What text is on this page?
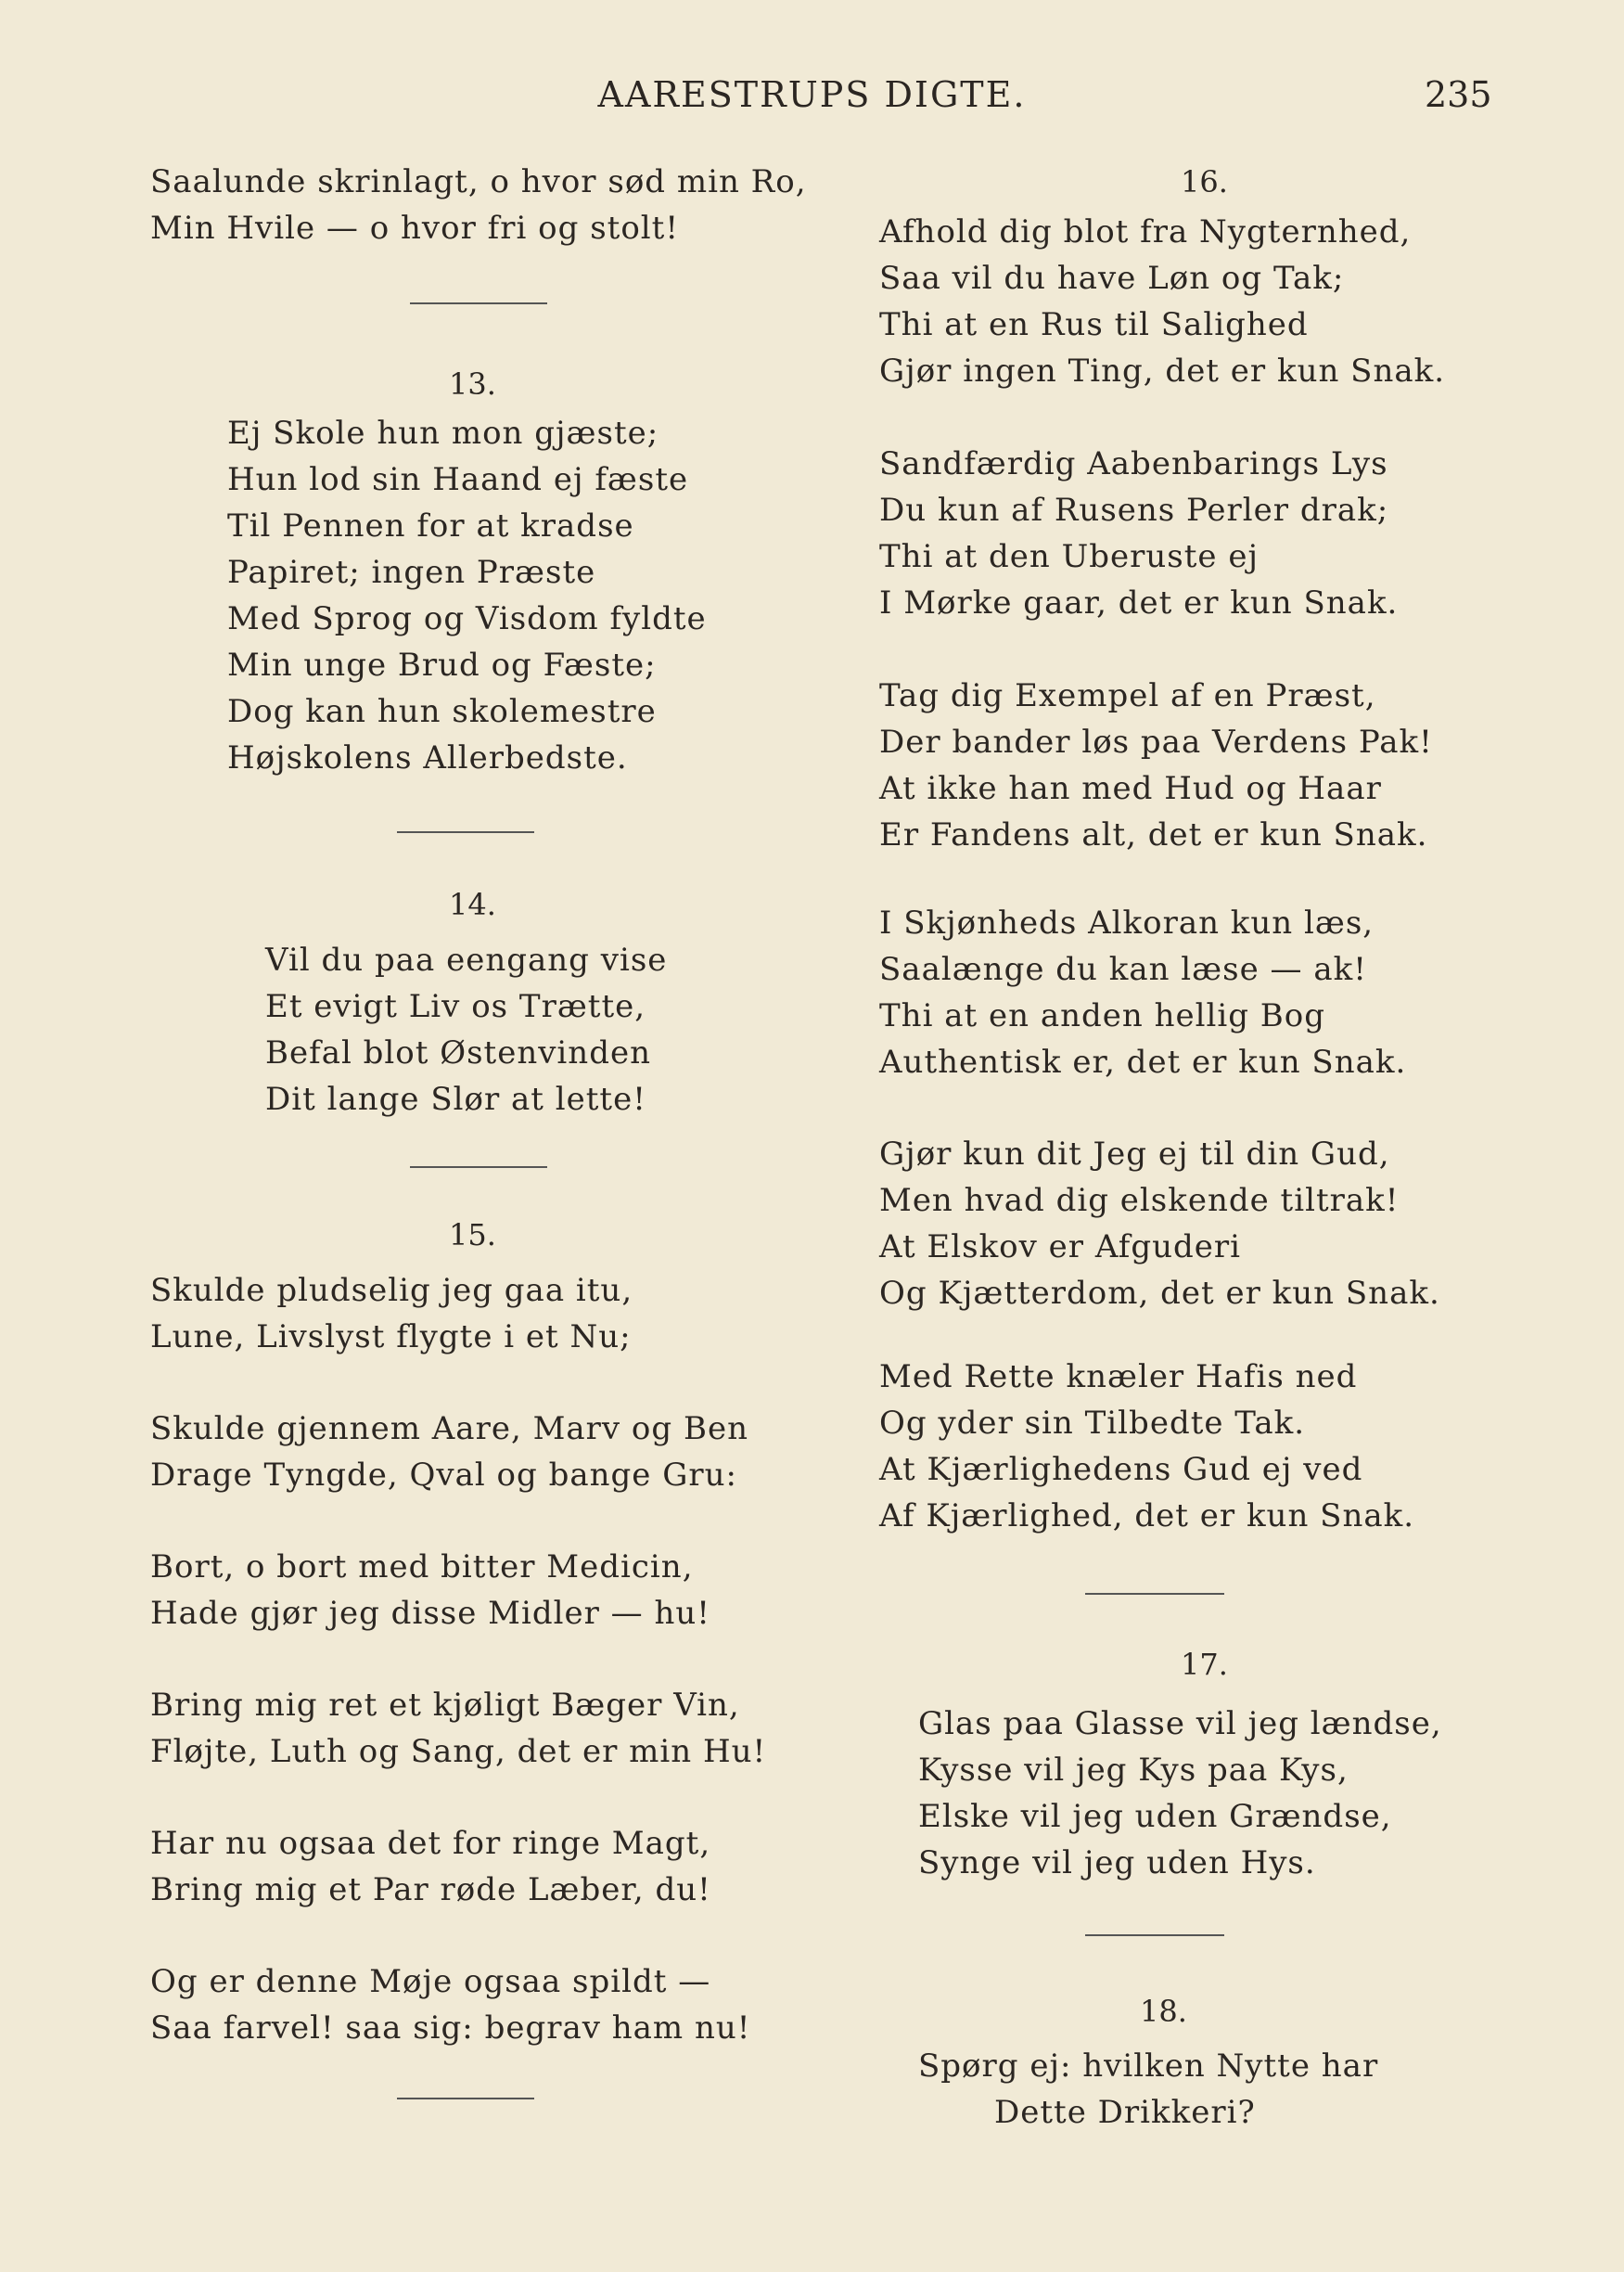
AARESTRUPS DIGTE.	235
Saalunde skrinlagt, o hvor sød min Ro,
Min Hvile — o hvor fri og stolt!
13.
Ej Skole hun mon gjæste;
Hun lod sin Haand ej fæste
Til Pennen for at kradse
Papiret; ingen Præste
Med Sprog og Visdom fyldte
Min unge Brud og Fæste;
Dog kan hun skolemestre
Højskolens Allerbedste.
14.
Vil du paa eengang vise
Et evigt Liv os Trætte,
Befal blot Østenvinden
Dit lange Slør at lette!
15.
Skulde pludselig jeg gaa itu,
Lune, Livslyst flygte i et Nu;
Skulde gjennem Aare, Marv og Ben
Drage Tyngde, Qval og bange Gru:
Bort, o bort med bitter Medicin,
Hade gjør jeg disse Midler — hu!
Bring mig ret et kjøligt Bæger Vin,
Fløjte, Luth og Sang, det er min Hu!
Har nu ogsaa det for ringe Magt,
Bring mig et Par røde Læber, du!
Og er denne Møje ogsaa spildt —
Saa farvel! saa sig: begrav ham nu!
16.
Afhold dig blot fra Nygternhed,
Saa vil du have Løn og Tak;
Thi at en Rus til Salighed
Gjør ingen Ting, det er kun Snak.
Sandfærdig Aabenbarings Lys
Du kun af Rusens Perler drak;
Thi at den Uberuste ej
I Mørke gaar, det er kun Snak.
Tag dig Exempel af en Præst,
Der bander løs paa Verdens Pak!
At ikke han med Hud og Haar
Er Fandens alt, det er kun Snak.
I Skjønheds Alkoran kun læs,
Saalænge du kan læse — ak!
Thi at en anden hellig Bog
Authentisk er, det er kun Snak.
Gjør kun dit Jeg ej til din Gud,
Men hvad dig elskende tiltrak!
At Elskov er Afguderi
Og Kjætterdom, det er kun Snak.
Med Rette knæler Hafis ned
Og yder sin Tilbedte Tak.
At Kjærlighedens Gud ej ved
Af Kjærlighed, det er kun Snak.
17.
Glas paa Glasse vil jeg lændse,
Kysse vil jeg Kys paa Kys,
Elske vil jeg uden Grændse,
Synge vil jeg uden Hys.
18.
Spørg ej: hvilken Nytte har
Dette Drikkeri?
